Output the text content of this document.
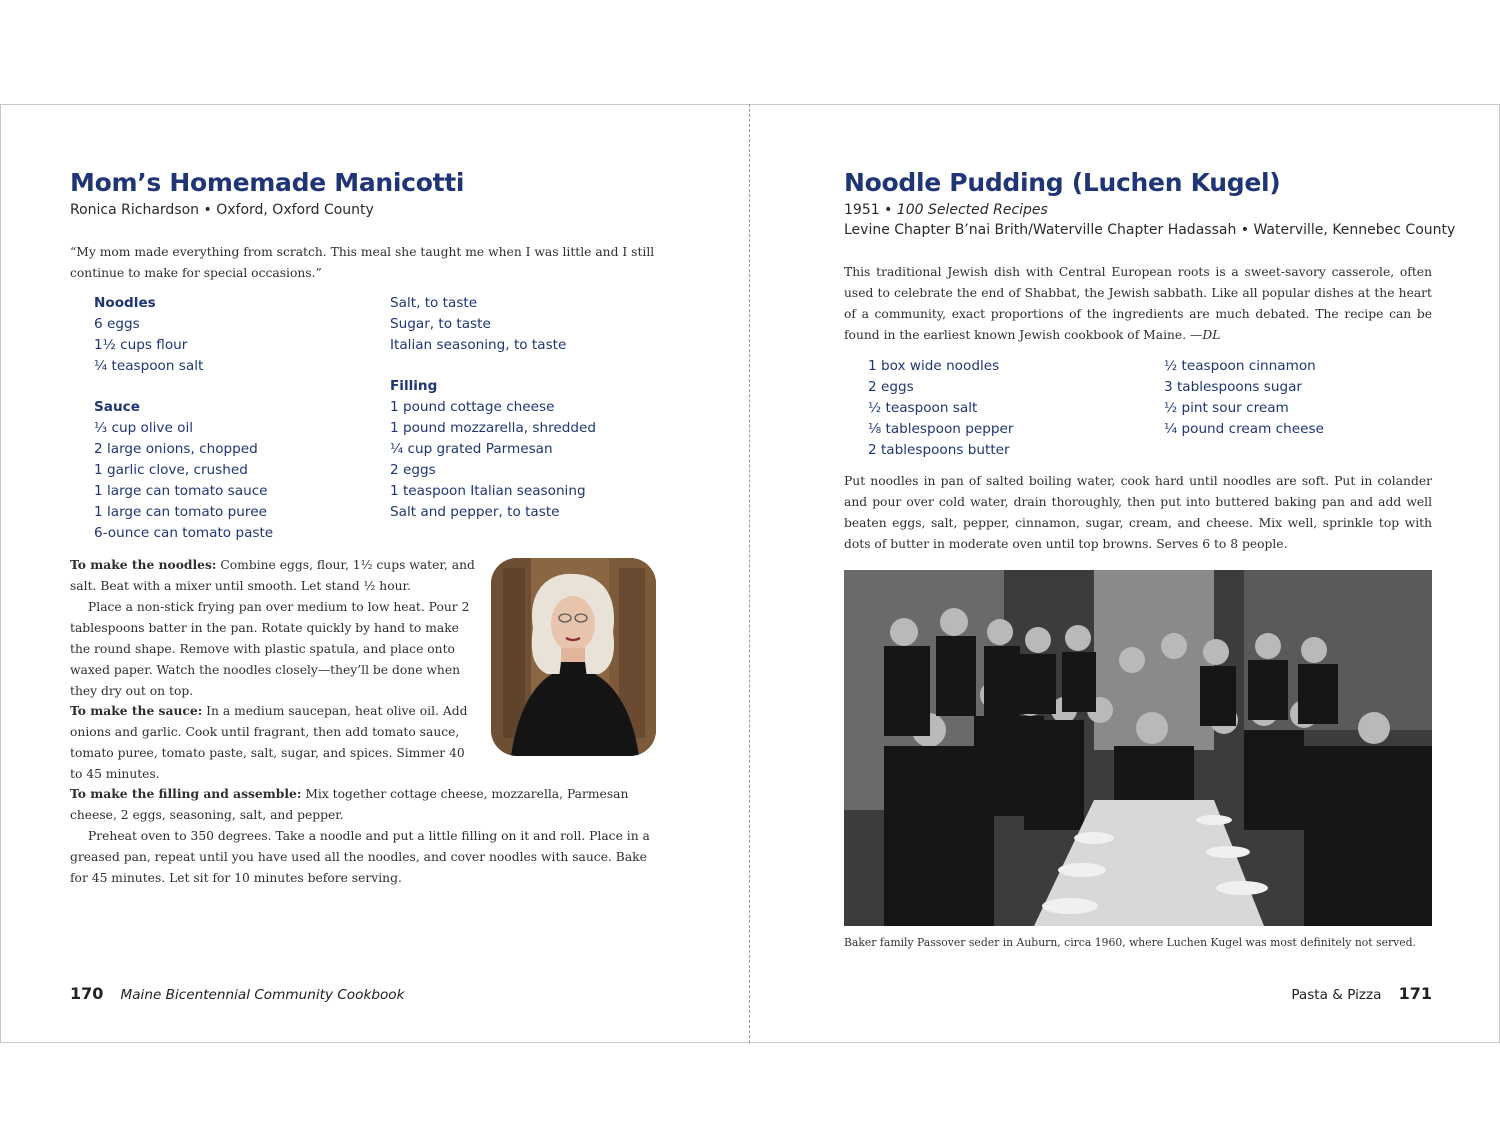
Mom’s Homemade Manicotti
Ronica Richardson • Oxford, Oxford County
“My mom made everything from scratch. This meal she taught me when I was little and I still continue to make for special occasions.”
Noodles
6 eggs
1½ cups flour
¼ teaspoon salt
Sauce
⅓ cup olive oil
2 large onions, chopped
1 garlic clove, crushed
1 large can tomato sauce
1 large can tomato puree
6-ounce can tomato paste
Salt, to taste
Sugar, to taste
Italian seasoning, to taste
Filling
1 pound cottage cheese
1 pound mozzarella, shredded
¼ cup grated Parmesan
2 eggs
1 teaspoon Italian seasoning
Salt and pepper, to taste
To make the noodles: Combine eggs, flour, 1½ cups water, and salt. Beat with a mixer until smooth. Let stand ½ hour.
Place a non-stick frying pan over medium to low heat. Pour 2 tablespoons batter in the pan. Rotate quickly by hand to make the round shape. Remove with plastic spatula, and place onto waxed paper. Watch the noodles closely—they’ll be done when they dry out on top.
To make the sauce: In a medium saucepan, heat olive oil. Add onions and garlic. Cook until fragrant, then add tomato sauce, tomato puree, tomato paste, salt, sugar, and spices. Simmer 40 to 45 minutes.
To make the filling and assemble: Mix together cottage cheese, mozzarella, Parmesan cheese, 2 eggs, seasoning, salt, and pepper.
Preheat oven to 350 degrees. Take a noodle and put a little filling on it and roll. Place in a greased pan, repeat until you have used all the noodles, and cover noodles with sauce. Bake for 45 minutes. Let sit for 10 minutes before serving.
170 Maine Bicentennial Community Cookbook
Noodle Pudding (Luchen Kugel)
1951 • 100 Selected Recipes
Levine Chapter B’nai Brith/Waterville Chapter Hadassah • Waterville, Kennebec County
This traditional Jewish dish with Central European roots is a sweet-savory casserole, often used to celebrate the end of Shabbat, the Jewish sabbath. Like all popular dishes at the heart of a community, exact proportions of the ingredients are much debated. The recipe can be found in the earliest known Jewish cookbook of Maine. —DL
1 box wide noodles
2 eggs
½ teaspoon salt
⅛ tablespoon pepper
2 tablespoons butter
½ teaspoon cinnamon
3 tablespoons sugar
½ pint sour cream
¼ pound cream cheese
Put noodles in pan of salted boiling water, cook hard until noodles are soft. Put in colander and pour over cold water, drain thoroughly, then put into buttered baking pan and add well beaten eggs, salt, pepper, cinnamon, sugar, cream, and cheese. Mix well, sprinkle top with dots of butter in moderate oven until top browns. Serves 6 to 8 people.
Baker family Passover seder in Auburn, circa 1960, where Luchen Kugel was most definitely not served.
Pasta & Pizza 171
